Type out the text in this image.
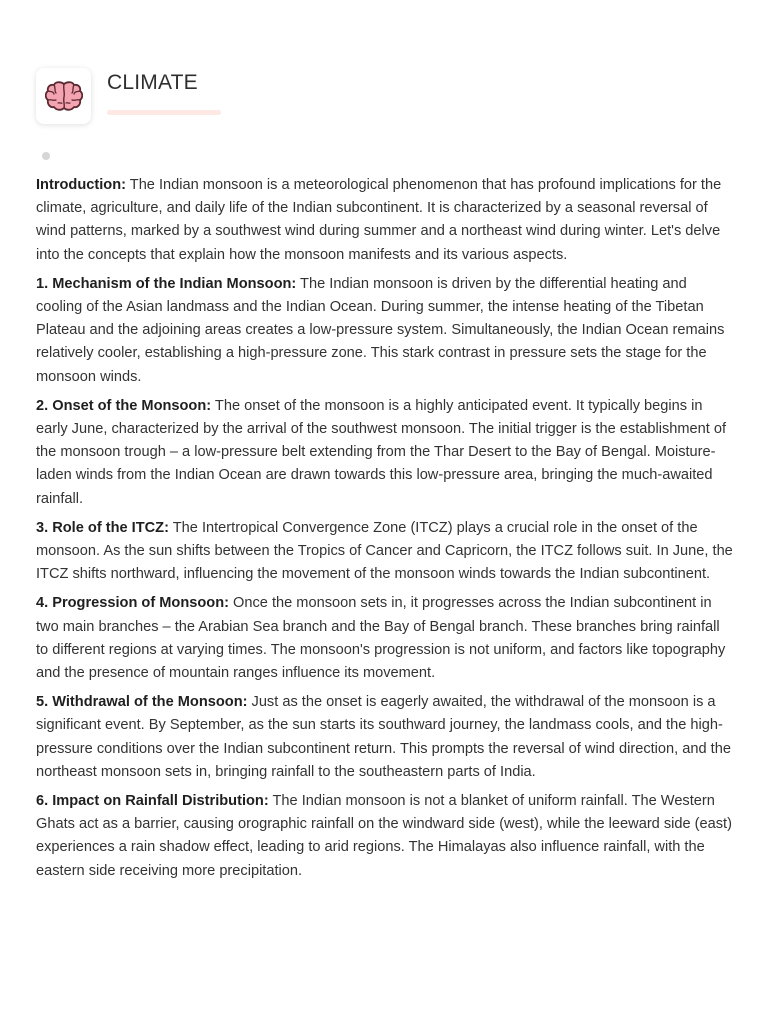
CLIMATE

Introduction: The Indian monsoon is a meteorological phenomenon that has profound implications for the climate, agriculture, and daily life of the Indian subcontinent. It is characterized by a seasonal reversal of wind patterns, marked by a southwest wind during summer and a northeast wind during winter. Let's delve into the concepts that explain how the monsoon manifests and its various aspects.

1. Mechanism of the Indian Monsoon: The Indian monsoon is driven by the differential heating and cooling of the Asian landmass and the Indian Ocean. During summer, the intense heating of the Tibetan Plateau and the adjoining areas creates a low-pressure system. Simultaneously, the Indian Ocean remains relatively cooler, establishing a high-pressure zone. This stark contrast in pressure sets the stage for the monsoon winds.

2. Onset of the Monsoon: The onset of the monsoon is a highly anticipated event. It typically begins in early June, characterized by the arrival of the southwest monsoon. The initial trigger is the establishment of the monsoon trough – a low-pressure belt extending from the Thar Desert to the Bay of Bengal. Moisture-laden winds from the Indian Ocean are drawn towards this low-pressure area, bringing the much-awaited rainfall.

3. Role of the ITCZ: The Intertropical Convergence Zone (ITCZ) plays a crucial role in the onset of the monsoon. As the sun shifts between the Tropics of Cancer and Capricorn, the ITCZ follows suit. In June, the ITCZ shifts northward, influencing the movement of the monsoon winds towards the Indian subcontinent.

4. Progression of Monsoon: Once the monsoon sets in, it progresses across the Indian subcontinent in two main branches – the Arabian Sea branch and the Bay of Bengal branch. These branches bring rainfall to different regions at varying times. The monsoon's progression is not uniform, and factors like topography and the presence of mountain ranges influence its movement.

5. Withdrawal of the Monsoon: Just as the onset is eagerly awaited, the withdrawal of the monsoon is a significant event. By September, as the sun starts its southward journey, the landmass cools, and the high-pressure conditions over the Indian subcontinent return. This prompts the reversal of wind direction, and the northeast monsoon sets in, bringing rainfall to the southeastern parts of India.

6. Impact on Rainfall Distribution: The Indian monsoon is not a blanket of uniform rainfall. The Western Ghats act as a barrier, causing orographic rainfall on the windward side (west), while the leeward side (east) experiences a rain shadow effect, leading to arid regions. The Himalayas also influence rainfall, with the eastern side receiving more precipitation.
